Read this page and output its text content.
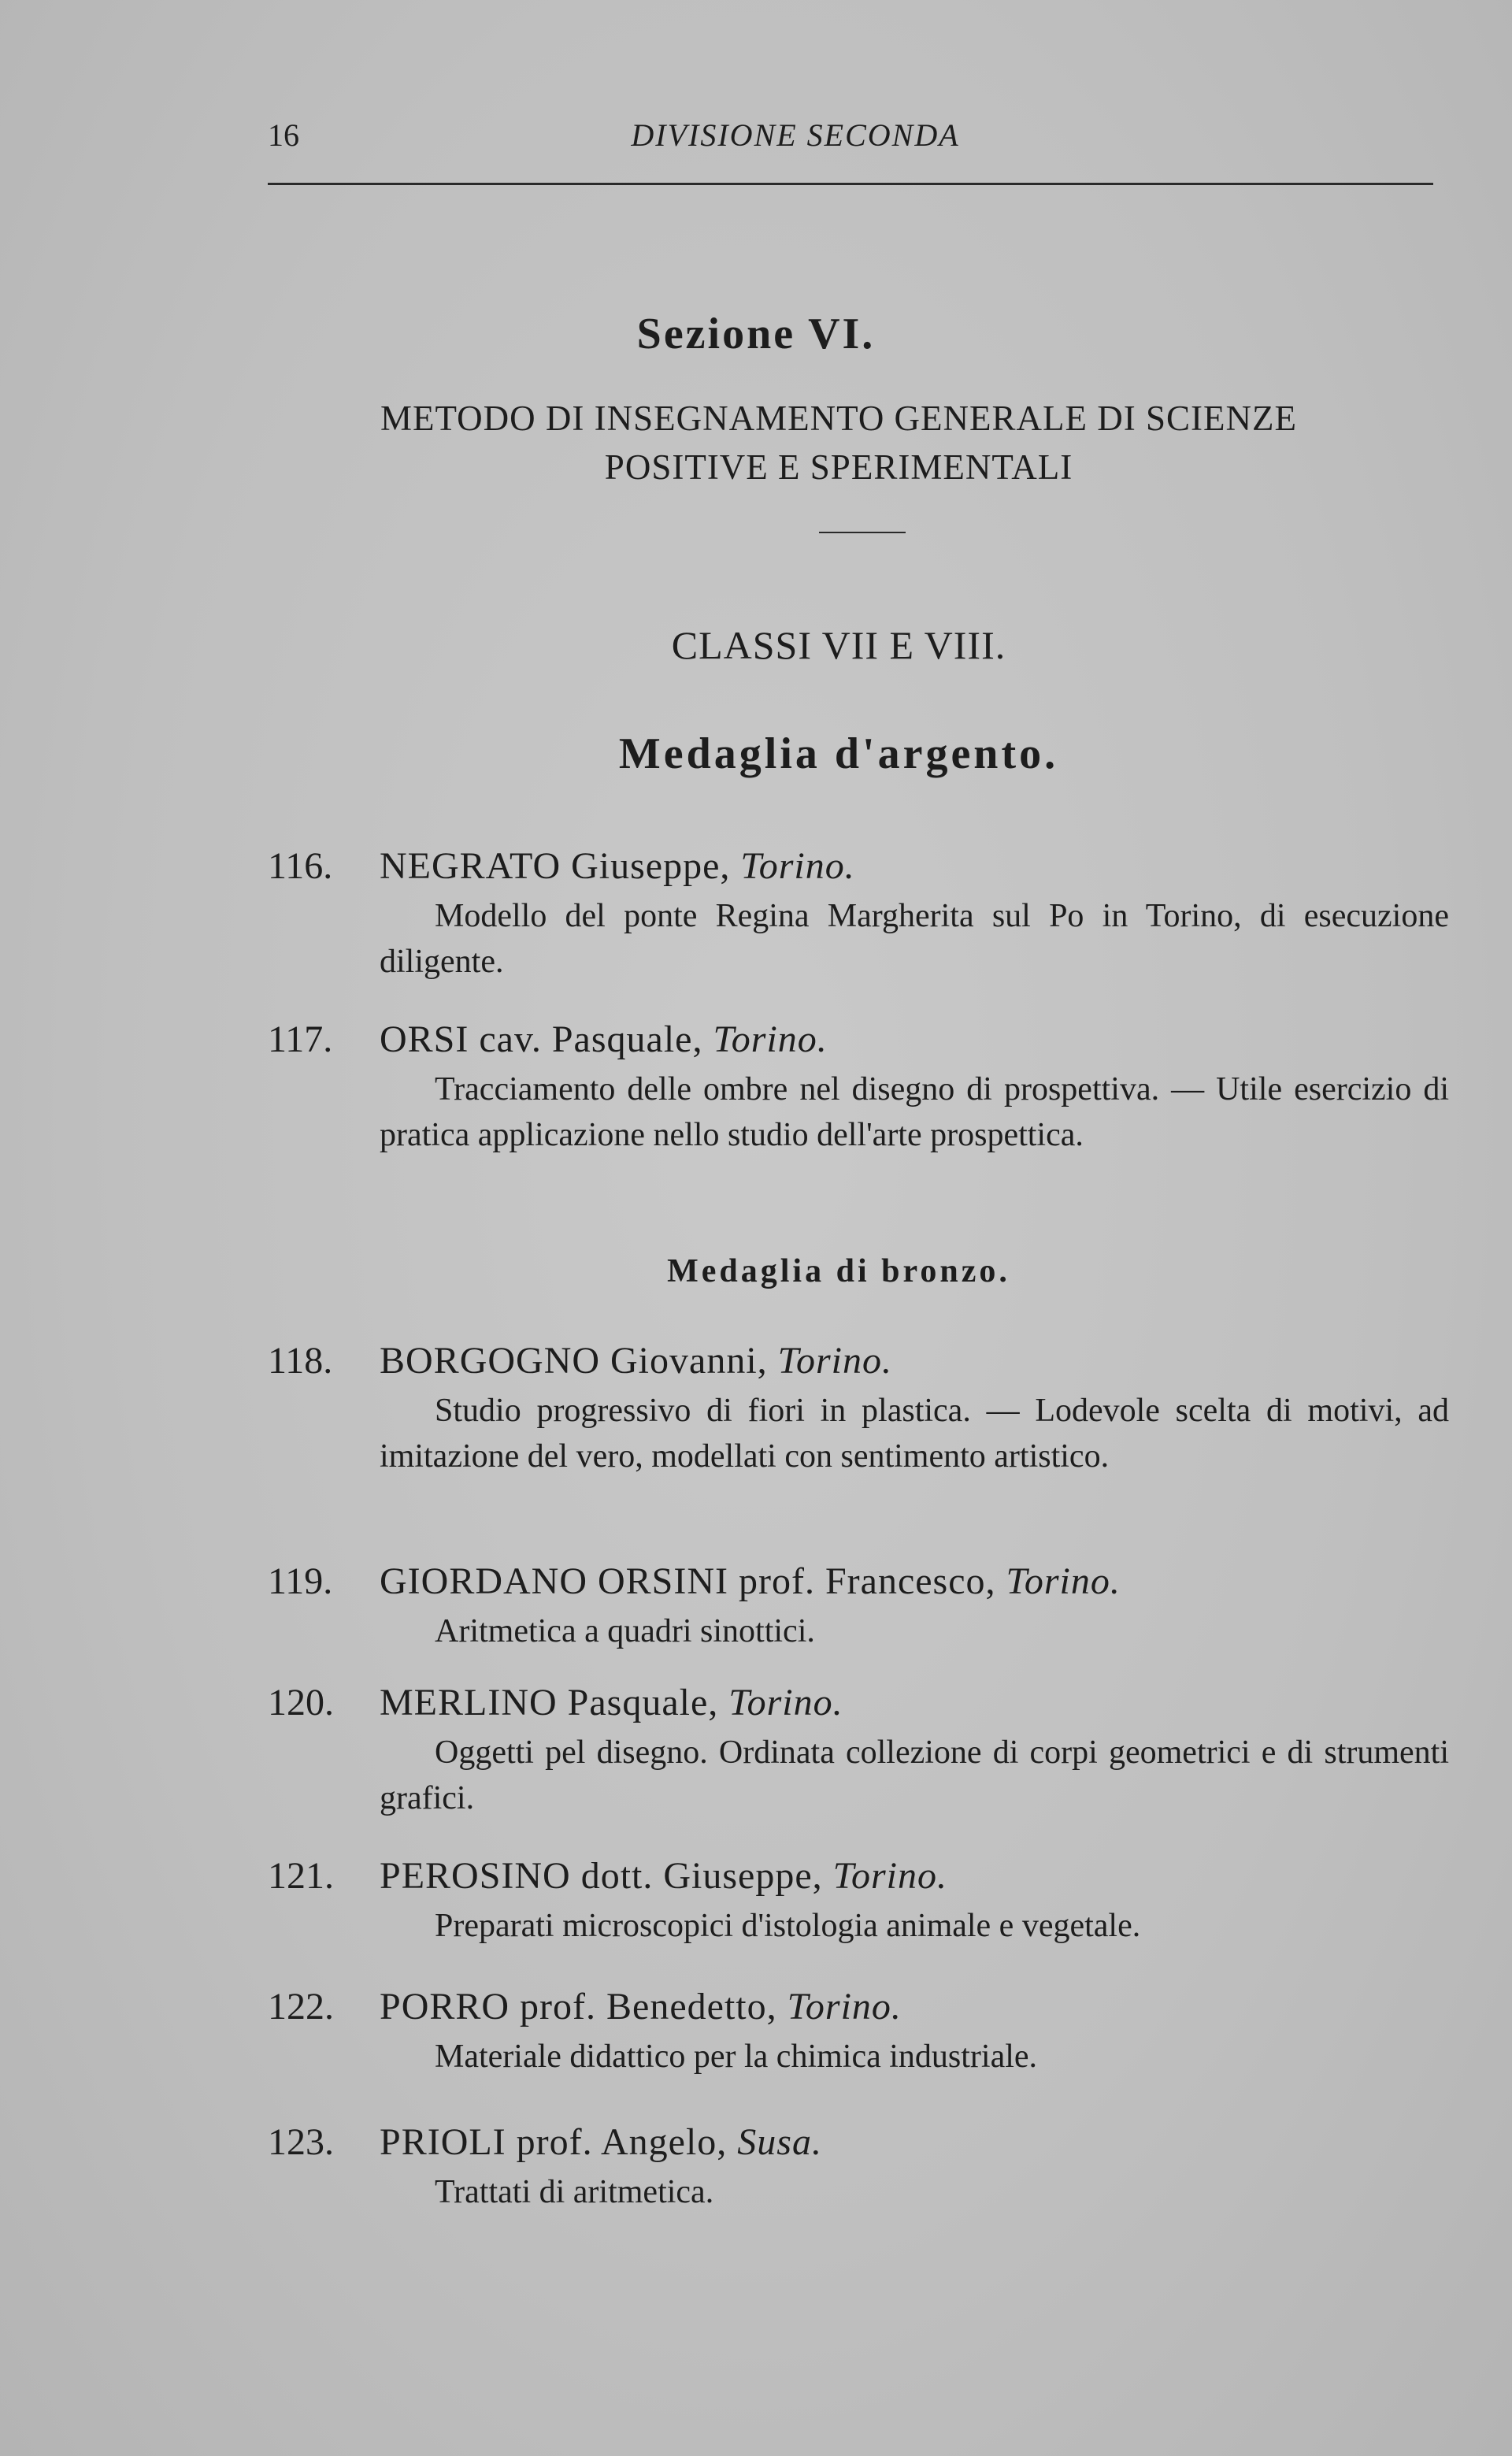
16	DIVISIONE SECONDA
Sezione VI.
METODO DI INSEGNAMENTO GENERALE DI SCIENZE
POSITIVE E SPERIMENTALI
CLASSI VII E VIII.
Medaglia d'argento.
116.	NEGRATO Giuseppe, Torino.
Modello del ponte Regina Margherita sul Po in Torino, di esecuzione diligente.
117.	ORSI cav. Pasquale, Torino.
Tracciamento delle ombre nel disegno di prospettiva. — Utile esercizio di pratica applicazione nello studio dell'arte prospettica.
Medaglia di bronzo.
118.	BORGOGNO Giovanni, Torino.
Studio progressivo di fiori in plastica. — Lodevole scelta di motivi, ad imitazione del vero, modellati con sentimento artistico.
119.	GIORDANO ORSINI prof. Francesco, Torino.
Aritmetica a quadri sinottici.
120.	MERLINO Pasquale, Torino.
Oggetti pel disegno. Ordinata collezione di corpi geometrici e di strumenti grafici.
121.	PEROSINO dott. Giuseppe, Torino.
Preparati microscopici d'istologia animale e vegetale.
122.	PORRO prof. Benedetto, Torino.
Materiale didattico per la chimica industriale.
123.	PRIOLI prof. Angelo, Susa.
Trattati di aritmetica.
